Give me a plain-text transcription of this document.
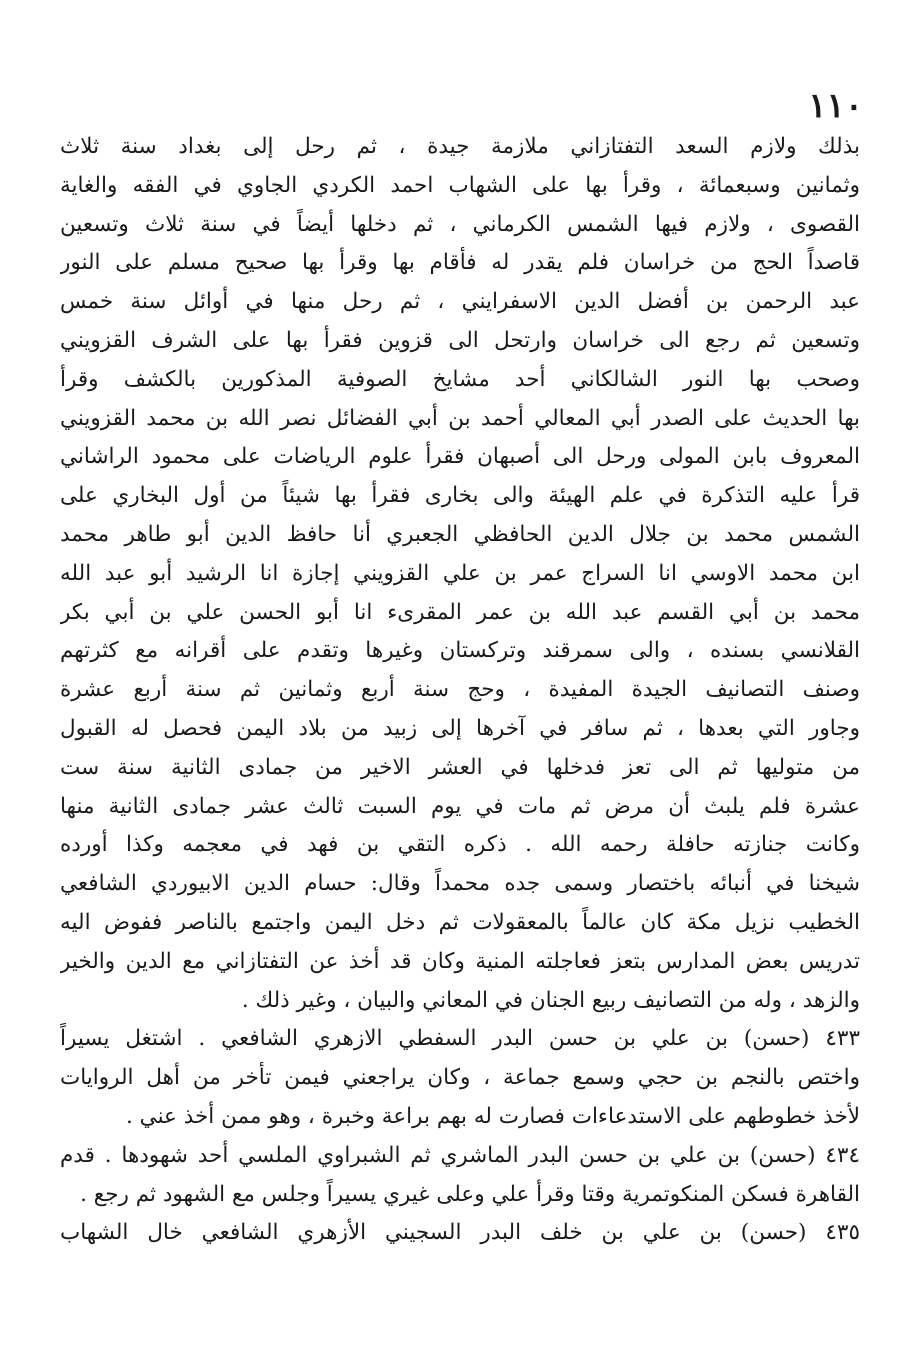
١١٠
بذلك ولازم السعد التفتازاني ملازمة جيدة ، ثم رحل إلى بغداد سنة ثلاث
وثمانين وسبعمائة ، وقرأ بها على الشهاب احمد الكردي الجاوي في الفقه والغاية
القصوى ، ولازم فيها الشمس الكرماني ، ثم دخلها أيضاً في سنة ثلاث وتسعين
قاصداً الحج من خراسان فلم يقدر له فأقام بها وقرأ بها صحيح مسلم على النور
عبد الرحمن بن أفضل الدين الاسفرايني ، ثم رحل منها في أوائل سنة خمس
وتسعين ثم رجع الى خراسان وارتحل الى قزوين فقرأ بها على الشرف القزويني
وصحب بها النور الشالكاني أحد مشايخ الصوفية المذكورين بالكشف وقرأ
بها الحديث على الصدر أبي المعالي أحمد بن أبي الفضائل نصر الله بن محمد القزويني
المعروف بابن المولى ورحل الى أصبهان فقرأ علوم الرياضات على محمود الراشاني
قرأ عليه التذكرة في علم الهيئة والى بخارى فقرأ بها شيئاً من أول البخاري على
الشمس محمد بن جلال الدين الحافظي الجعبري أنا حافظ الدين أبو طاهر محمد
ابن محمد الاوسي انا السراج عمر بن علي القزويني إجازة انا الرشيد أبو عبد الله
محمد بن أبي القسم عبد الله بن عمر المقرىء انا أبو الحسن علي بن أبي بكر
القلانسي بسنده ، والى سمرقند وتركستان وغيرها وتقدم على أقرانه مع كثرتهم
وصنف التصانيف الجيدة المفيدة ، وحج سنة أربع وثمانين ثم سنة أربع عشرة
وجاور التي بعدها ، ثم سافر في آخرها إلى زبيد من بلاد اليمن فحصل له القبول
من متوليها ثم الى تعز فدخلها في العشر الاخير من جمادى الثانية سنة ست
عشرة فلم يلبث أن مرض ثم مات في يوم السبت ثالث عشر جمادى الثانية منها
وكانت جنازته حافلة رحمه الله . ذكره التقي بن فهد في معجمه وكذا أورده
شيخنا في أنبائه باختصار وسمى جده محمداً وقال: حسام الدين الابيوردي الشافعي
الخطيب نزيل مكة كان عالماً بالمعقولات ثم دخل اليمن واجتمع بالناصر ففوض اليه
تدريس بعض المدارس بتعز فعاجلته المنية وكان قد أخذ عن التفتازاني مع الدين والخير
والزهد ، وله من التصانيف ربيع الجنان في المعاني والبيان ، وغير ذلك .
٤٣٣ (حسن) بن علي بن حسن البدر السفطي الازهري الشافعي . اشتغل يسيراً
واختص بالنجم بن حجي وسمع جماعة ، وكان يراجعني فيمن تأخر من أهل الروايات
لأخذ خطوطهم على الاستدعاءات فصارت له بهم براعة وخبرة ، وهو ممن أخذ عني .
٤٣٤ (حسن) بن علي بن حسن البدر الماشري ثم الشبراوي الملسي أحد شهودها . قدم
القاهرة فسكن المنكوتمرية وقتا وقرأ علي وعلى غيري يسيراً وجلس مع الشهود ثم رجع .
٤٣٥ (حسن) بن علي بن خلف البدر السجيني الأزهري الشافعي خال الشهاب
